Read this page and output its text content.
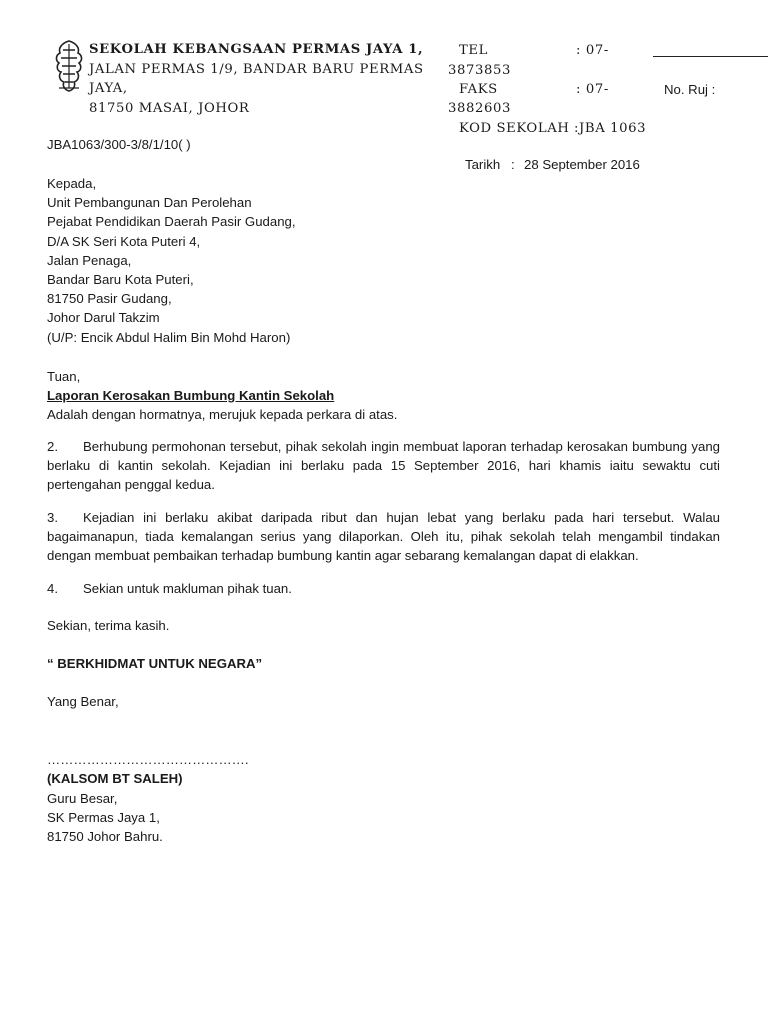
SEKOLAH KEBANGSAAN PERMAS JAYA 1,
JALAN PERMAS 1/9, BANDAR BARU PERMAS
JAYA,
81750 MASAI, JOHOR
TEL	: 07-
3873853
FAKS	: 07-
3882603
KOD SEKOLAH :JBA 1063
No. Ruj :
JBA1063/300-3/8/1/10( )
Tarikh : 28 September 2016
Kepada,
Unit Pembangunan Dan Perolehan
Pejabat Pendidikan Daerah Pasir Gudang,
D/A SK Seri Kota Puteri 4,
Jalan Penaga,
Bandar Baru Kota Puteri,
81750 Pasir Gudang,
Johor Darul Takzim
(U/P: Encik Abdul Halim Bin Mohd Haron)
Tuan,
Laporan Kerosakan Bumbung Kantin Sekolah
Adalah dengan hormatnya, merujuk kepada perkara di atas.
2. Berhubung permohonan tersebut, pihak sekolah ingin membuat laporan terhadap kerosakan bumbung yang berlaku di kantin sekolah. Kejadian ini berlaku pada 15 September 2016, hari khamis iaitu sewaktu cuti pertengahan penggal kedua.
3. Kejadian ini berlaku akibat daripada ribut dan hujan lebat yang berlaku pada hari tersebut. Walau bagaimanapun, tiada kemalangan serius yang dilaporkan. Oleh itu, pihak sekolah telah mengambil tindakan dengan membuat pembaikan terhadap bumbung kantin agar sebarang kemalangan dapat di elakkan.
4. Sekian untuk makluman pihak tuan.
Sekian, terima kasih.
“ BERKHIDMAT UNTUK NEGARA”
Yang Benar,
……………………………………….
(KALSOM BT SALEH)
Guru Besar,
SK Permas Jaya 1,
81750 Johor Bahru.
